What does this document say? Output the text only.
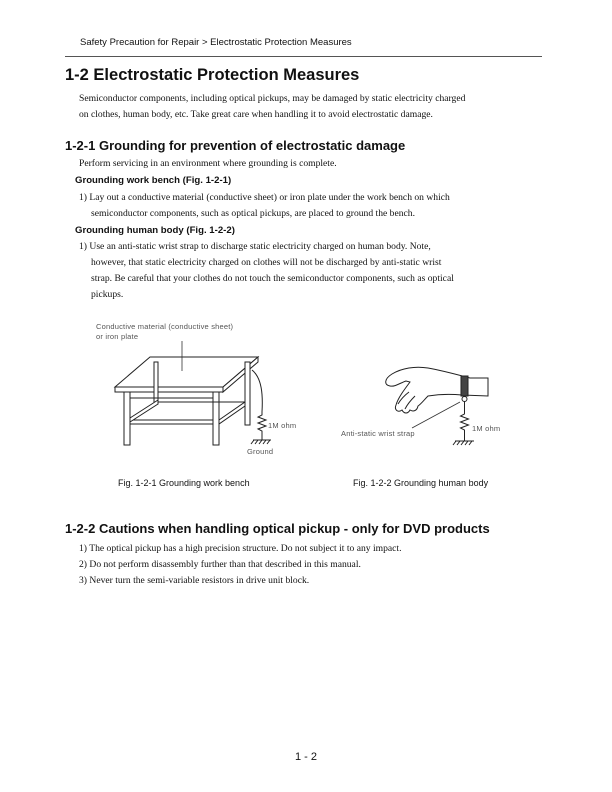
Safety Precaution for Repair > Electrostatic Protection Measures
1-2 Electrostatic Protection Measures

Semiconductor components, including optical pickups, may be damaged by static electricity charged

on clothes, human body, etc. Take great care when handling it to avoid electrostatic damage.

1-2-1 Grounding for prevention of electrostatic damage

Perform servicing in an environment where grounding is complete.

Grounding work bench (Fig. 1-2-1)

1) Lay out a conductive material (conductive sheet) or iron plate under the work bench on which

semiconductor components, such as optical pickups, are placed to ground the bench.

Grounding human body (Fig. 1-2-2)

1) Use an anti-static wrist strap to discharge static electricity charged on human body. Note,

however, that static electricity charged on clothes will not be discharged by anti-static wrist

strap. Be careful that your clothes do not touch the semiconductor components, such as optical

pickups.

Conductive material (conductive sheet)
or iron plate
1M ohm
Ground
Anti-static wrist strap
1M ohm
Fig. 1-2-1 Grounding work bench	Fig. 1-2-2 Grounding human body
1-2-2 Cautions when handling optical pickup - only for DVD products

1) The optical pickup has a high precision structure. Do not subject it to any impact.

2) Do not perform disassembly further than that described in this manual.

3) Never turn the semi-variable resistors in drive unit block.

1 - 2
